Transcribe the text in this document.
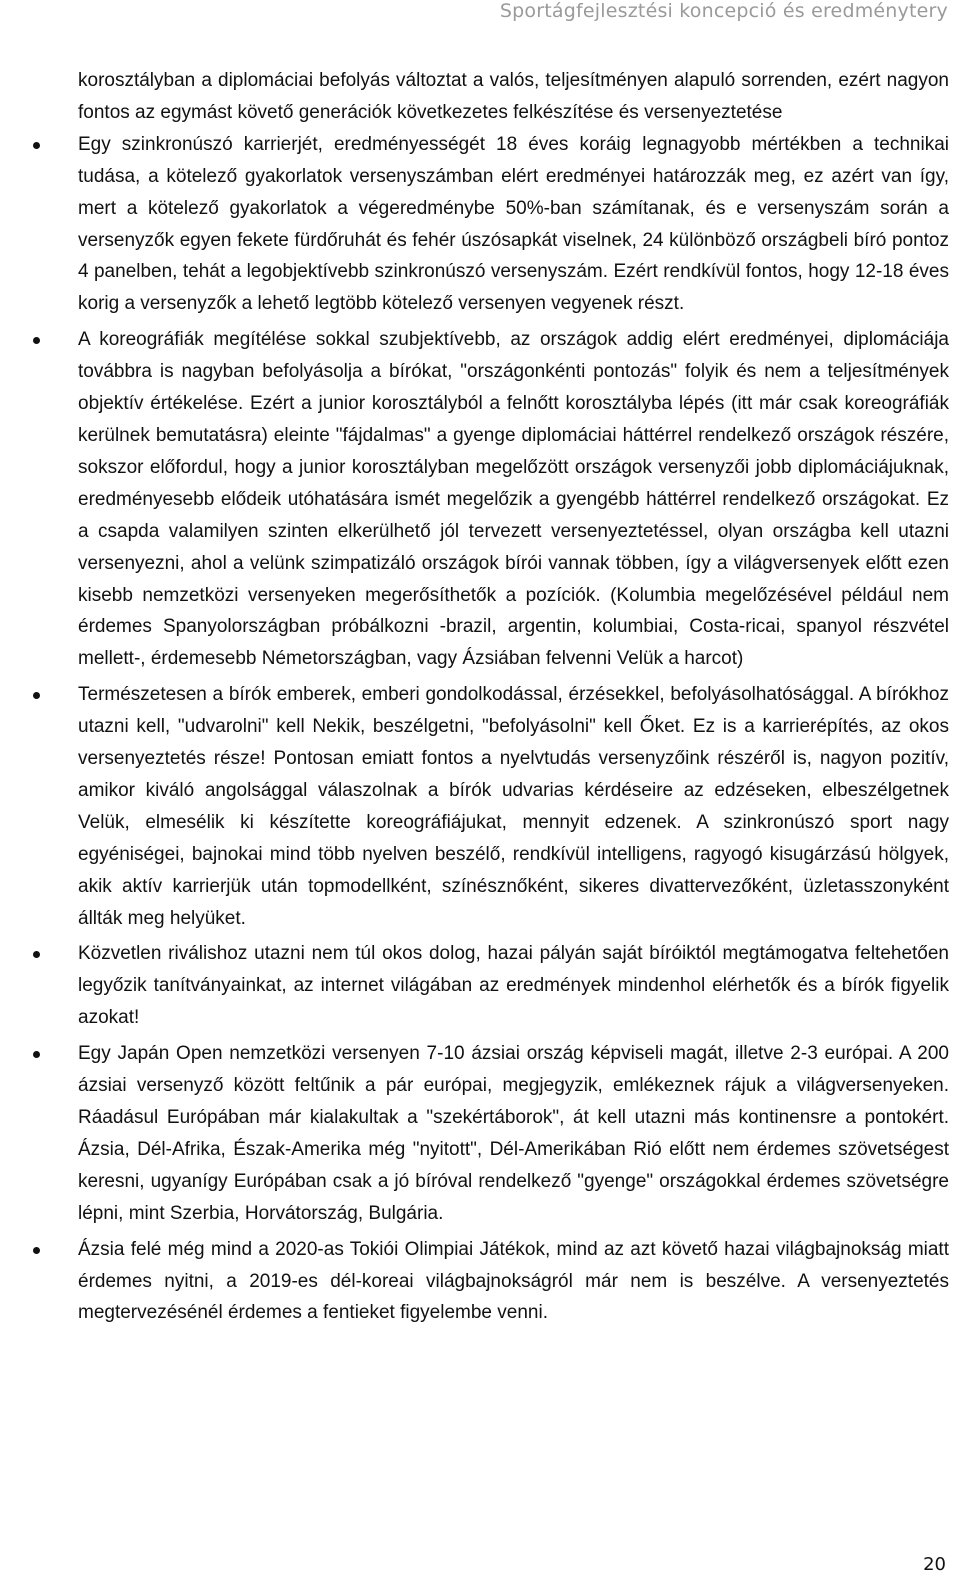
Sportágfejlesztési koncepció és eredménytery

korosztályban a diplomáciai befolyás változtat a valós, teljesítményen alapuló sorrenden, ezért nagyon fontos az egymást követő generációk következetes felkészítése és versenyeztetése

Egy szinkronúszó karrierjét, eredményességét 18 éves koráig legnagyobb mértékben a technikai tudása, a kötelező gyakorlatok versenyszámban elért eredményei határozzák meg, ez azért van így, mert a kötelező gyakorlatok a végeredménybe 50%-ban számítanak, és e versenyszám során a versenyzők egyen fekete fürdőruhát és fehér úszósapkát viselnek, 24 különböző országbeli bíró pontoz 4 panelben, tehát a legobjektívebb szinkronúszó versenyszám. Ezért rendkívül fontos, hogy 12-18 éves korig a versenyzők a lehető legtöbb kötelező versenyen vegyenek részt.
A koreográfiák megítélése sokkal szubjektívebb, az országok addig elért eredményei, diplomáciája továbbra is nagyban befolyásolja a bírókat, "országonkénti pontozás" folyik és nem a teljesítmények objektív értékelése. Ezért a junior korosztályból a felnőtt korosztályba lépés (itt már csak koreográfiák kerülnek bemutatásra) eleinte "fájdalmas" a gyenge diplomáciai háttérrel rendelkező országok részére, sokszor előfordul, hogy a junior korosztályban megelőzött országok versenyzői jobb diplomáciájuknak, eredményesebb elődeik utóhatására ismét megelőzik a gyengébb háttérrel rendelkező országokat. Ez a csapda valamilyen szinten elkerülhető jól tervezett versenyeztetéssel, olyan országba kell utazni versenyezni, ahol a velünk szimpatizáló országok bírói vannak többen, így a világversenyek előtt ezen kisebb nemzetközi versenyeken megerősíthetők a pozíciók. (Kolumbia megelőzésével például nem érdemes Spanyolországban próbálkozni -brazil, argentin, kolumbiai, Costa-ricai, spanyol részvétel mellett-, érdemesebb Németországban, vagy Ázsiában felvenni Velük a harcot)
Természetesen a bírók emberek, emberi gondolkodással, érzésekkel, befolyásolhatósággal. A bírókhoz utazni kell, "udvarolni" kell Nekik, beszélgetni, "befolyásolni" kell Őket. Ez is a karrierépítés, az okos versenyeztetés része! Pontosan emiatt fontos a nyelvtudás versenyzőink részéről is, nagyon pozitív, amikor kiváló angolsággal válaszolnak a bírók udvarias kérdéseire az edzéseken, elbeszélgetnek Velük, elmesélik ki készítette koreográfiájukat, mennyit edzenek. A szinkronúszó sport nagy egyéniségei, bajnokai mind több nyelven beszélő, rendkívül intelligens, ragyogó kisugárzású hölgyek, akik aktív karrierjük után topmodellként, színésznőként, sikeres divattervezőként, üzletasszonyként állták meg helyüket.
Közvetlen riválishoz utazni nem túl okos dolog, hazai pályán saját bíróiktól megtámogatva feltehetően legyőzik tanítványainkat, az internet világában az eredmények mindenhol elérhetők és a bírók figyelik azokat!
Egy Japán Open nemzetközi versenyen 7-10 ázsiai ország képviseli magát, illetve 2-3 európai. A 200 ázsiai versenyző között feltűnik a pár európai, megjegyzik, emlékeznek rájuk a világversenyeken. Ráadásul Európában már kialakultak a "szekértáborok", át kell utazni más kontinensre a pontokért. Ázsia, Dél-Afrika, Észak-Amerika még "nyitott", Dél-Amerikában Rió előtt nem érdemes szövetségest keresni, ugyanígy Európában csak a jó bíróval rendelkező "gyenge" országokkal érdemes szövetségre lépni, mint Szerbia, Horvátország, Bulgária.
Ázsia felé még mind a 2020-as Tokiói Olimpiai Játékok, mind az azt követő hazai világbajnokság miatt érdemes nyitni, a 2019-es dél-koreai világbajnokságról már nem is beszélve. A versenyeztetés megtervezésénél érdemes a fentieket figyelembe venni.
20
